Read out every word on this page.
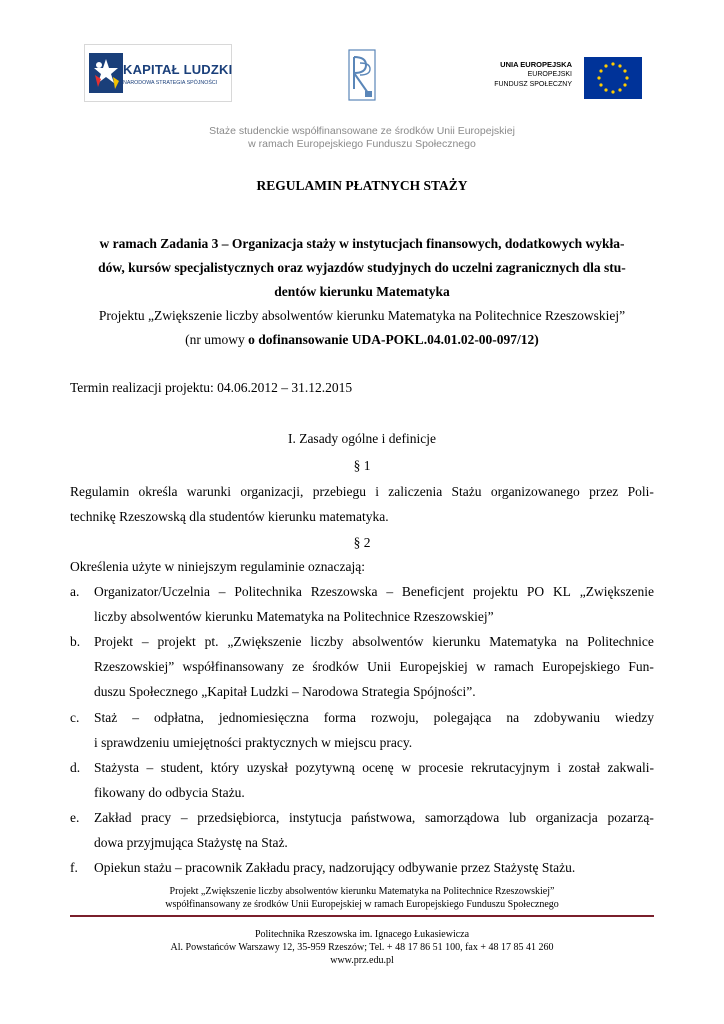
KAPITAŁ LUDZKI
NARODOWA STRATEGIA SPÓJNOŚCI
UNIA EUROPEJSKA
EUROPEJSKI
FUNDUSZ SPOŁECZNY
Staże studenckie współfinansowane ze środków Unii Europejskiej
w ramach Europejskiego Funduszu Społecznego
REGULAMIN PŁATNYCH STAŻY
w ramach Zadania 3 – Organizacja staży w instytucjach finansowych, dodatkowych wykła-
dów, kursów specjalistycznych oraz wyjazdów studyjnych do uczelni zagranicznych dla stu-
dentów kierunku Matematyka
Projektu „Zwiększenie liczby absolwentów kierunku Matematyka na Politechnice Rzeszowskiej”
(nr umowy o dofinansowanie UDA-POKL.04.01.02-00-097/12)
Termin realizacji projektu: 04.06.2012 – 31.12.2015
I. Zasady ogólne i definicje
§ 1
Regulamin określa warunki organizacji, przebiegu i zaliczenia Stażu organizowanego przez Poli-
technikę Rzeszowską dla studentów kierunku matematyka.
§ 2
Określenia użyte w niniejszym regulaminie oznaczają:
a. Organizator/Uczelnia – Politechnika Rzeszowska – Beneficjent projektu PO KL „Zwiększenie
liczby absolwentów kierunku Matematyka na Politechnice Rzeszowskiej”
b. Projekt – projekt pt. „Zwiększenie liczby absolwentów kierunku Matematyka na Politechnice
Rzeszowskiej” współfinansowany ze środków Unii Europejskiej w ramach Europejskiego Fun-
duszu Społecznego „Kapitał Ludzki – Narodowa Strategia Spójności”.
c. Staż – odpłatna, jednomiesięczna forma rozwoju, polegająca na zdobywaniu wiedzy
i sprawdzeniu umiejętności praktycznych w miejscu pracy.
d. Stażysta – student, który uzyskał pozytywną ocenę w procesie rekrutacyjnym i został zakwali-
fikowany do odbycia Stażu.
e. Zakład pracy – przedsiębiorca, instytucja państwowa, samorządowa lub organizacja pozarzą-
dowa przyjmująca Stażystę na Staż.
f. Opiekun stażu – pracownik Zakładu pracy, nadzorujący odbywanie przez Stażystę Stażu.
Projekt „Zwiększenie liczby absolwentów kierunku Matematyka na Politechnice Rzeszowskiej”
współfinansowany ze środków Unii Europejskiej w ramach Europejskiego Funduszu Społecznego
Politechnika Rzeszowska im. Ignacego Łukasiewicza
Al. Powstańców Warszawy 12, 35-959 Rzeszów; Tel. + 48 17 86 51 100, fax + 48 17 85 41 260
www.prz.edu.pl
